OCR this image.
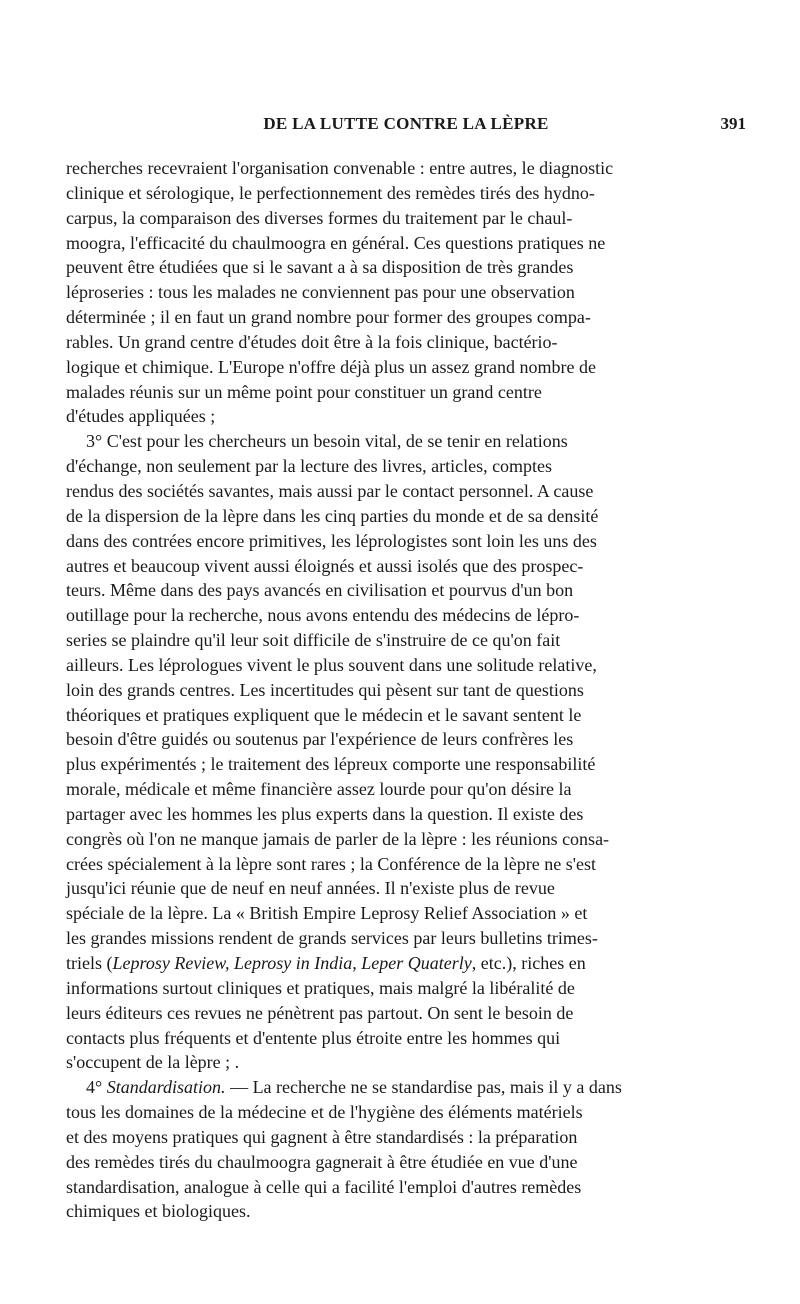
DE LA LUTTE CONTRE LA LÈPRE	391
recherches recevraient l'organisation convenable : entre autres, le diagnostic
clinique et sérologique, le perfectionnement des remèdes tirés des hydno-
carpus, la comparaison des diverses formes du traitement par le chaul-
moogra, l'efficacité du chaulmoogra en général. Ces questions pratiques ne
peuvent être étudiées que si le savant a à sa disposition de très grandes
léproseries : tous les malades ne conviennent pas pour une observation
déterminée ; il en faut un grand nombre pour former des groupes compa-
rables. Un grand centre d'études doit être à la fois clinique, bactério-
logique et chimique. L'Europe n'offre déjà plus un assez grand nombre de
malades réunis sur un même point pour constituer un grand centre
d'études appliquées ;
3° C'est pour les chercheurs un besoin vital, de se tenir en relations
d'échange, non seulement par la lecture des livres, articles, comptes
rendus des sociétés savantes, mais aussi par le contact personnel. A cause
de la dispersion de la lèpre dans les cinq parties du monde et de sa densité
dans des contrées encore primitives, les léprologistes sont loin les uns des
autres et beaucoup vivent aussi éloignés et aussi isolés que des prospec-
teurs. Même dans des pays avancés en civilisation et pourvus d'un bon
outillage pour la recherche, nous avons entendu des médecins de lépro-
series se plaindre qu'il leur soit difficile de s'instruire de ce qu'on fait
ailleurs. Les léprologues vivent le plus souvent dans une solitude relative,
loin des grands centres. Les incertitudes qui pèsent sur tant de questions
théoriques et pratiques expliquent que le médecin et le savant sentent le
besoin d'être guidés ou soutenus par l'expérience de leurs confrères les
plus expérimentés ; le traitement des lépreux comporte une responsabilité
morale, médicale et même financière assez lourde pour qu'on désire la
partager avec les hommes les plus experts dans la question. Il existe des
congrès où l'on ne manque jamais de parler de la lèpre : les réunions consa-
crées spécialement à la lèpre sont rares ; la Conférence de la lèpre ne s'est
jusqu'ici réunie que de neuf en neuf années. Il n'existe plus de revue
spéciale de la lèpre. La « British Empire Leprosy Relief Association » et
les grandes missions rendent de grands services par leurs bulletins trimes-
triels (Leprosy Review, Leprosy in India, Leper Quaterly, etc.), riches en
informations surtout cliniques et pratiques, mais malgré la libéralité de
leurs éditeurs ces revues ne pénètrent pas partout. On sent le besoin de
contacts plus fréquents et d'entente plus étroite entre les hommes qui
s'occupent de la lèpre ; .
4° Standardisation. — La recherche ne se standardise pas, mais il y a dans
tous les domaines de la médecine et de l'hygiène des éléments matériels
et des moyens pratiques qui gagnent à être standardisés : la préparation
des remèdes tirés du chaulmoogra gagnerait à être étudiée en vue d'une
standardisation, analogue à celle qui a facilité l'emploi d'autres remèdes
chimiques et biologiques.
